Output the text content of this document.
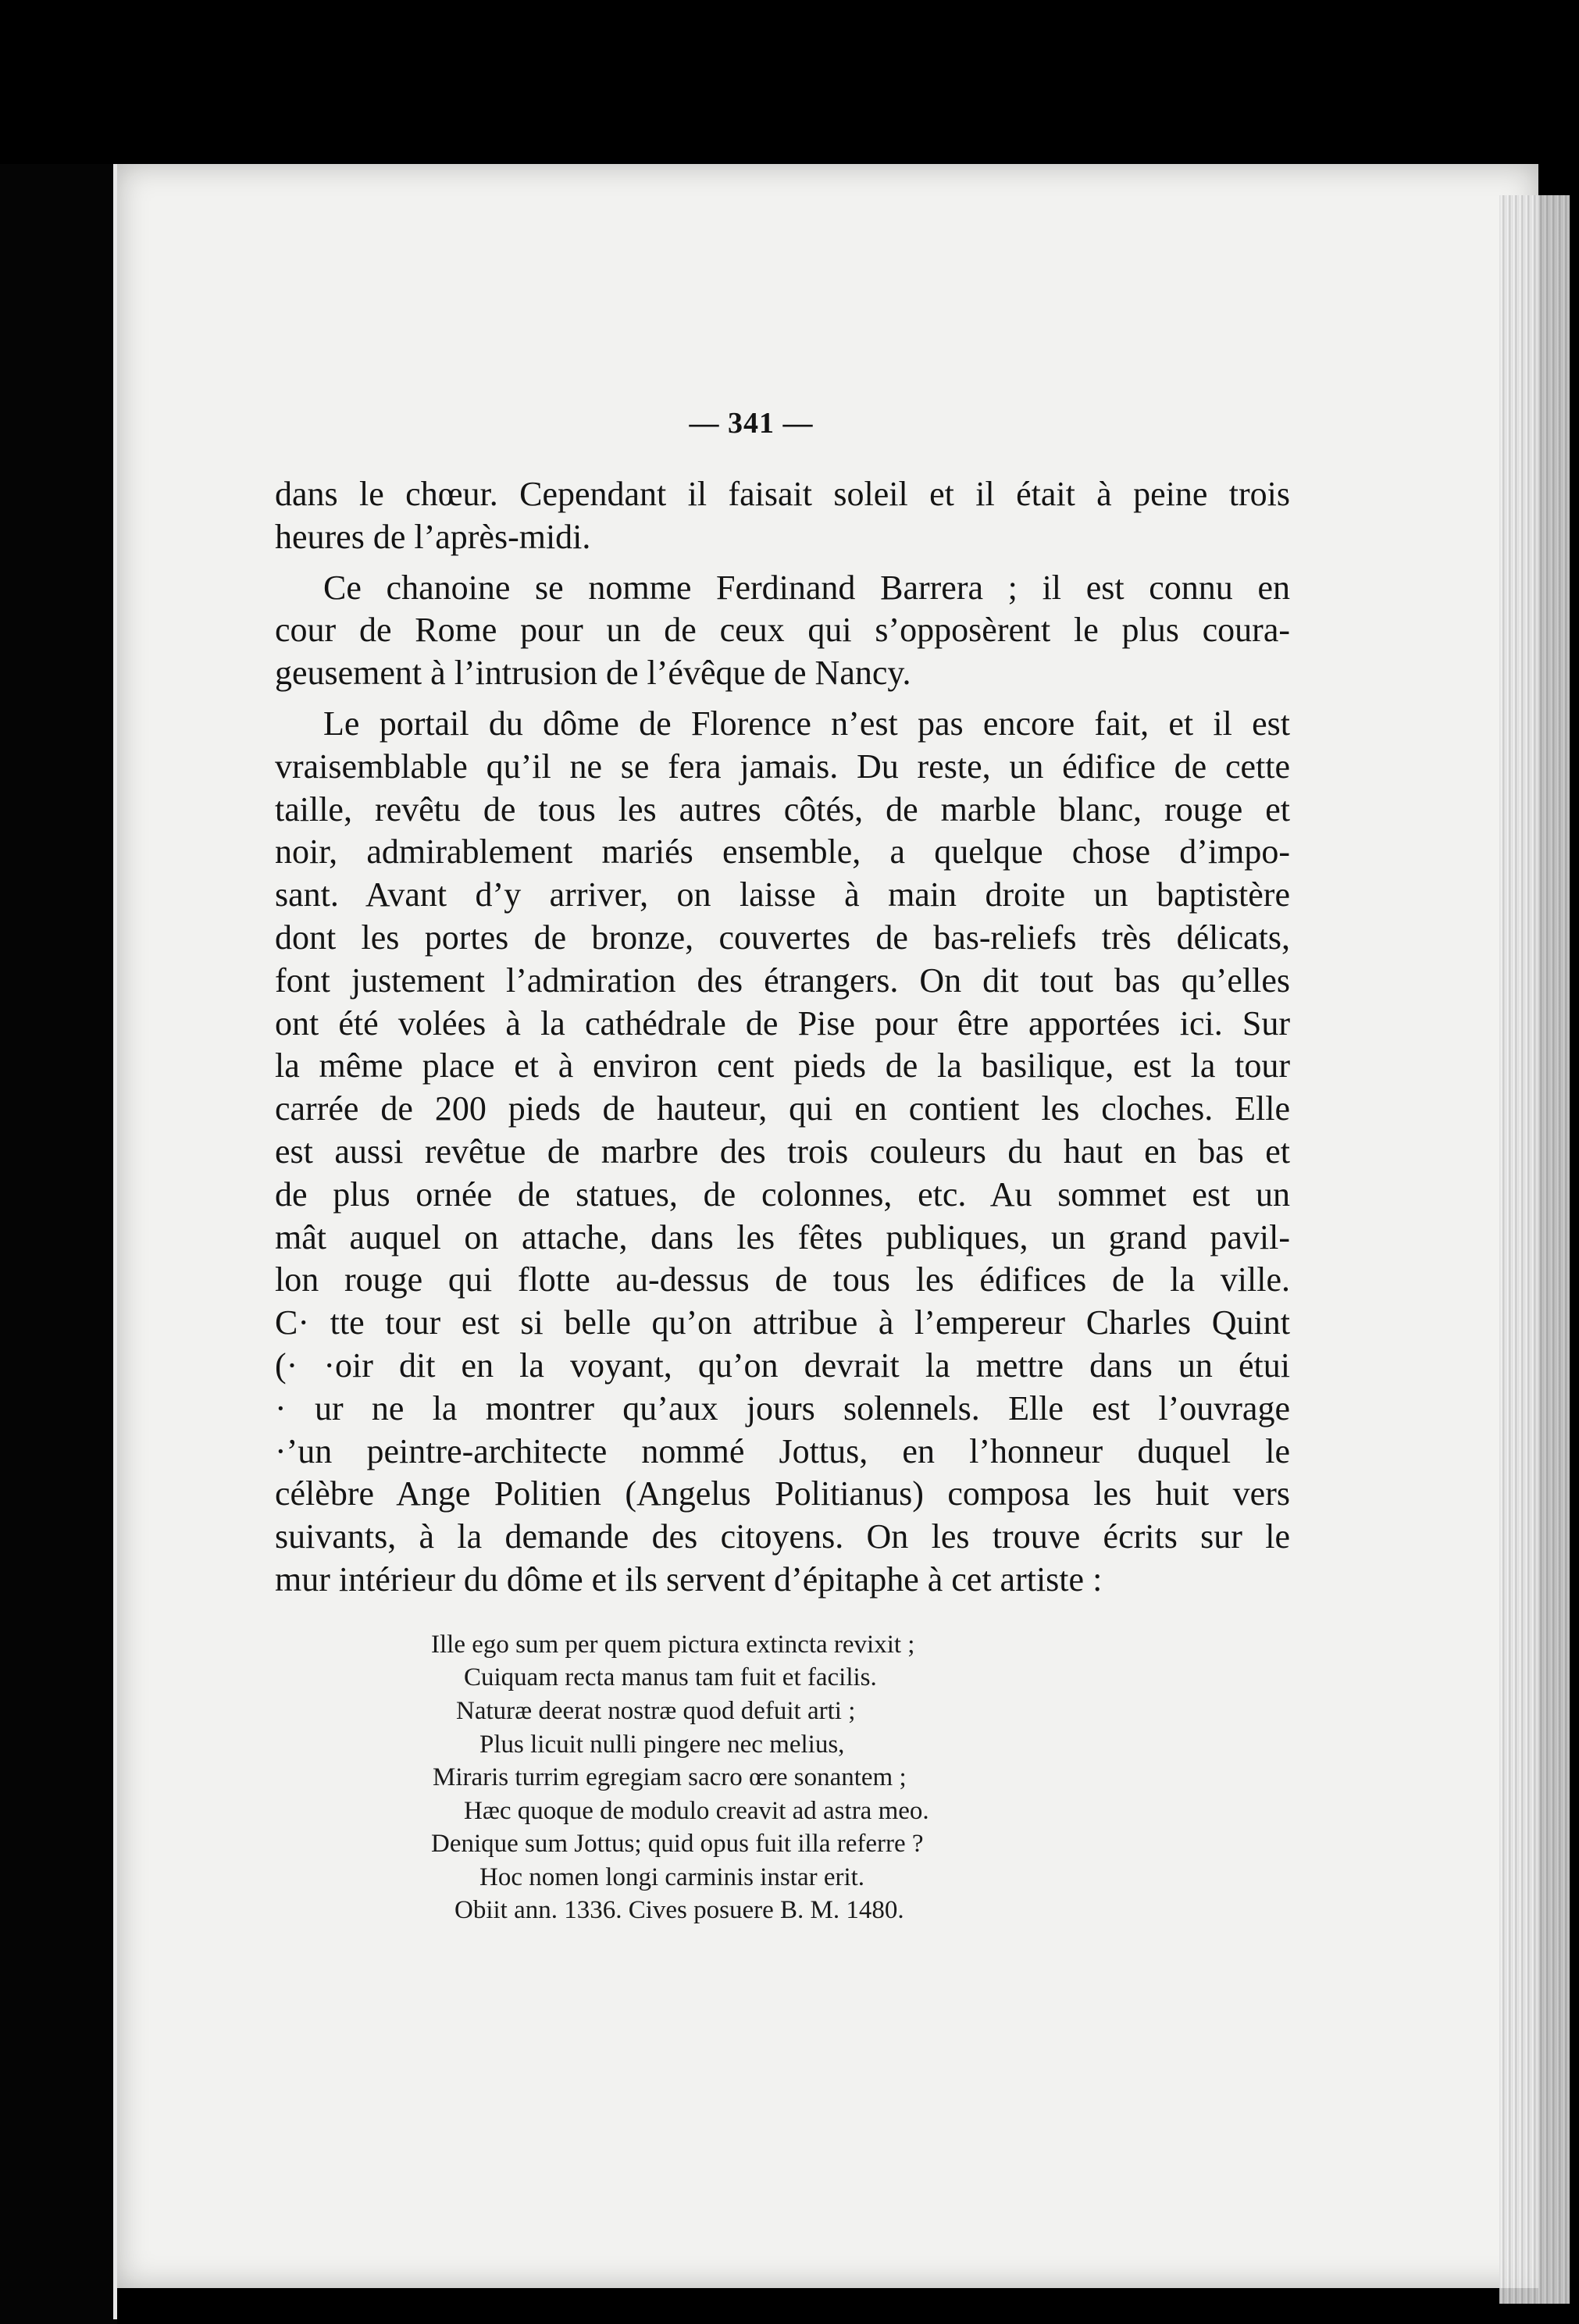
— 341 —
dans le chœur. Cependant il faisait soleil et il était à peine trois
heures de l’après-midi.
Ce chanoine se nomme Ferdinand Barrera ; il est connu en
cour de Rome pour un de ceux qui s’opposèrent le plus coura-
geusement à l’intrusion de l’évêque de Nancy.
Le portail du dôme de Florence n’est pas encore fait, et il est
vraisemblable qu’il ne se fera jamais. Du reste, un édifice de cette
taille, revêtu de tous les autres côtés, de marble blanc, rouge et
noir, admirablement mariés ensemble, a quelque chose d’impo-
sant. Avant d’y arriver, on laisse à main droite un baptistère
dont les portes de bronze, couvertes de bas-reliefs très délicats,
font justement l’admiration des étrangers. On dit tout bas qu’elles
ont été volées à la cathédrale de Pise pour être apportées ici. Sur
la même place et à environ cent pieds de la basilique, est la tour
carrée de 200 pieds de hauteur, qui en contient les cloches. Elle
est aussi revêtue de marbre des trois couleurs du haut en bas et
de plus ornée de statues, de colonnes, etc. Au sommet est un
mât auquel on attache, dans les fêtes publiques, un grand pavil-
lon rouge qui flotte au-dessus de tous les édifices de la ville.
C· tte tour est si belle qu’on attribue à l’empereur Charles Quint
(· ·oir dit en la voyant, qu’on devrait la mettre dans un étui
· ur ne la montrer qu’aux jours solennels. Elle est l’ouvrage
·’un peintre-architecte nommé Jottus, en l’honneur duquel le
célèbre Ange Politien (Angelus Politianus) composa les huit vers
suivants, à la demande des citoyens. On les trouve écrits sur le
mur intérieur du dôme et ils servent d’épitaphe à cet artiste :
Ille ego sum per quem pictura extincta revixit ;
Cuiquam recta manus tam fuit et facilis.
Naturæ deerat nostræ quod defuit arti ;
Plus licuit nulli pingere nec melius,
Miraris turrim egregiam sacro œre sonantem ;
Hæc quoque de modulo creavit ad astra meo.
Denique sum Jottus; quid opus fuit illa referre ?
Hoc nomen longi carminis instar erit.
Obiit ann. 1336. Cives posuere B. M. 1480.
